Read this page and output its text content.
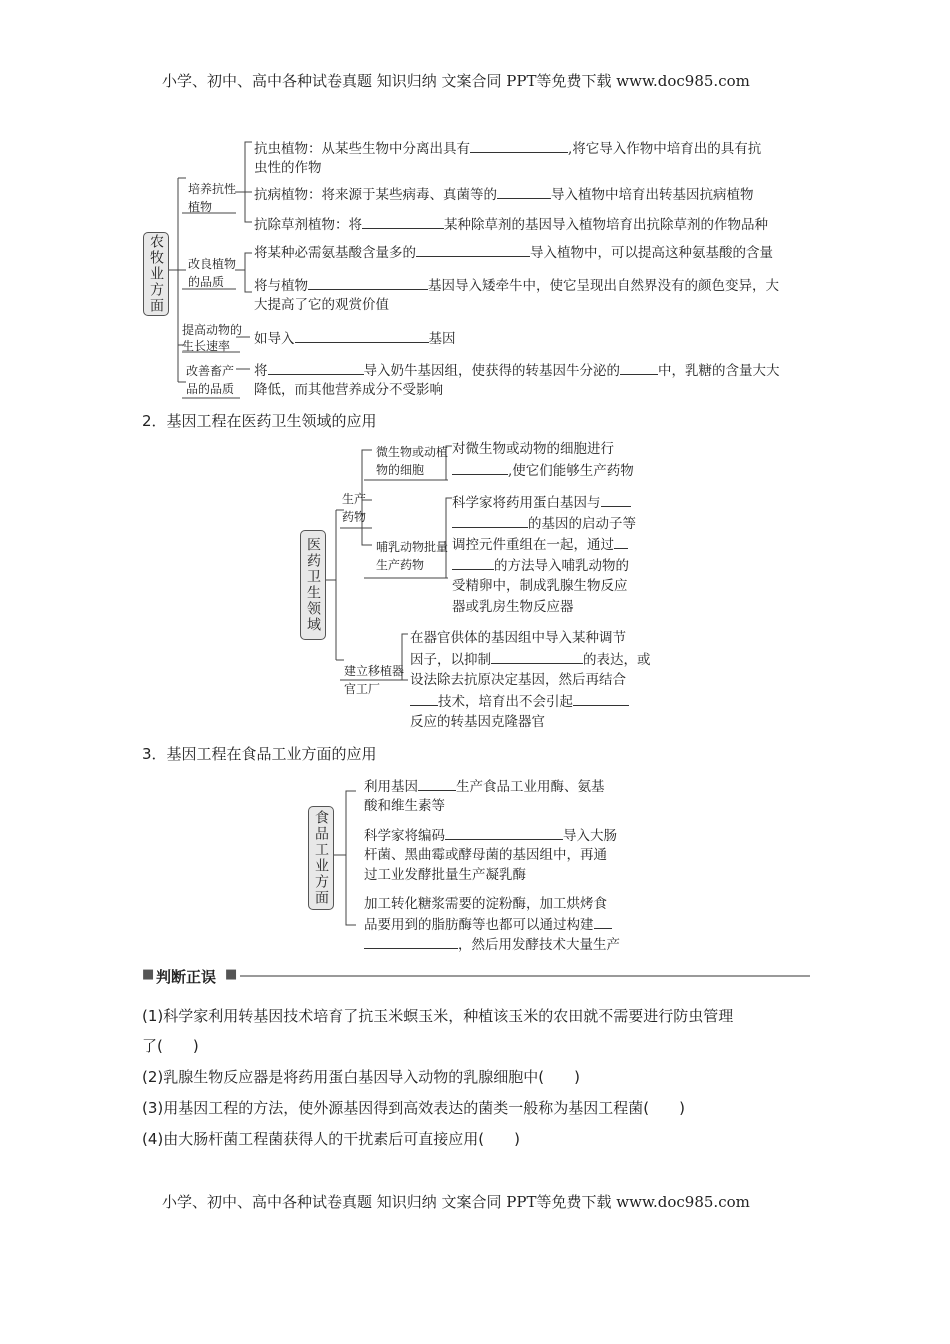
小学、初中、高中各种试卷真题 知识归纳 文案合同 PPT等免费下载 www.doc985.com
小学、初中、高中各种试卷真题 知识归纳 文案合同 PPT等免费下载 www.doc985.com
农牧业方面
培养抗性植物
改良植物的品质
提高动物的生长速率
改善畜产品的品质
抗虫植物：从某些生物中分离出具有	,将它导入作物中培育出的具有抗
虫性的作物
抗病植物：将来源于某些病毒、真菌等的	导入植物中培育出转基因抗病植物
抗除草剂植物：将	某种除草剂的基因导入植物培育出抗除草剂的作物品种
将某种必需氨基酸含量多的	导入植物中，可以提高这种氨基酸的含量
将与植物	基因导入矮牵牛中，使它呈现出自然界没有的颜色变异，大
大提高了它的观赏价值
如导入	基因
将	导入奶牛基因组，使获得的转基因牛分泌的	中，乳糖的含量大大
降低，而其他营养成分不受影响
2．基因工程在医药卫生领域的应用
医药卫生领域
生产药物
微生物或动植物的细胞
哺乳动物批量生产药物
建立移植器官工厂
对微生物或动物的细胞进行
,使它们能够生产药物
科学家将药用蛋白基因与
的基因的启动子等
调控元件重组在一起，通过
的方法导入哺乳动物的
受精卵中，制成乳腺生物反应
器或乳房生物反应器
在器官供体的基因组中导入某种调节
因子，以抑制	的表达，或
设法除去抗原决定基因，然后再结合
技术，培育出不会引起
反应的转基因克隆器官
3．基因工程在食品工业方面的应用
食品工业方面
利用基因	生产食品工业用酶、氨基
酸和维生素等
科学家将编码	导入大肠
杆菌、黑曲霉或酵母菌的基因组中，再通
过工业发酵批量生产凝乳酶
加工转化糖浆需要的淀粉酶，加工烘烤食
品要用到的脂肪酶等也都可以通过构建
，然后用发酵技术大量生产
■ 判断正误 ■
(1)科学家利用转基因技术培育了抗玉米螟玉米，种植该玉米的农田就不需要进行防虫管理
了(　　)
(2)乳腺生物反应器是将药用蛋白基因导入动物的乳腺细胞中(　　)
(3)用基因工程的方法，使外源基因得到高效表达的菌类一般称为基因工程菌(　　)
(4)由大肠杆菌工程菌获得人的干扰素后可直接应用(　　)
